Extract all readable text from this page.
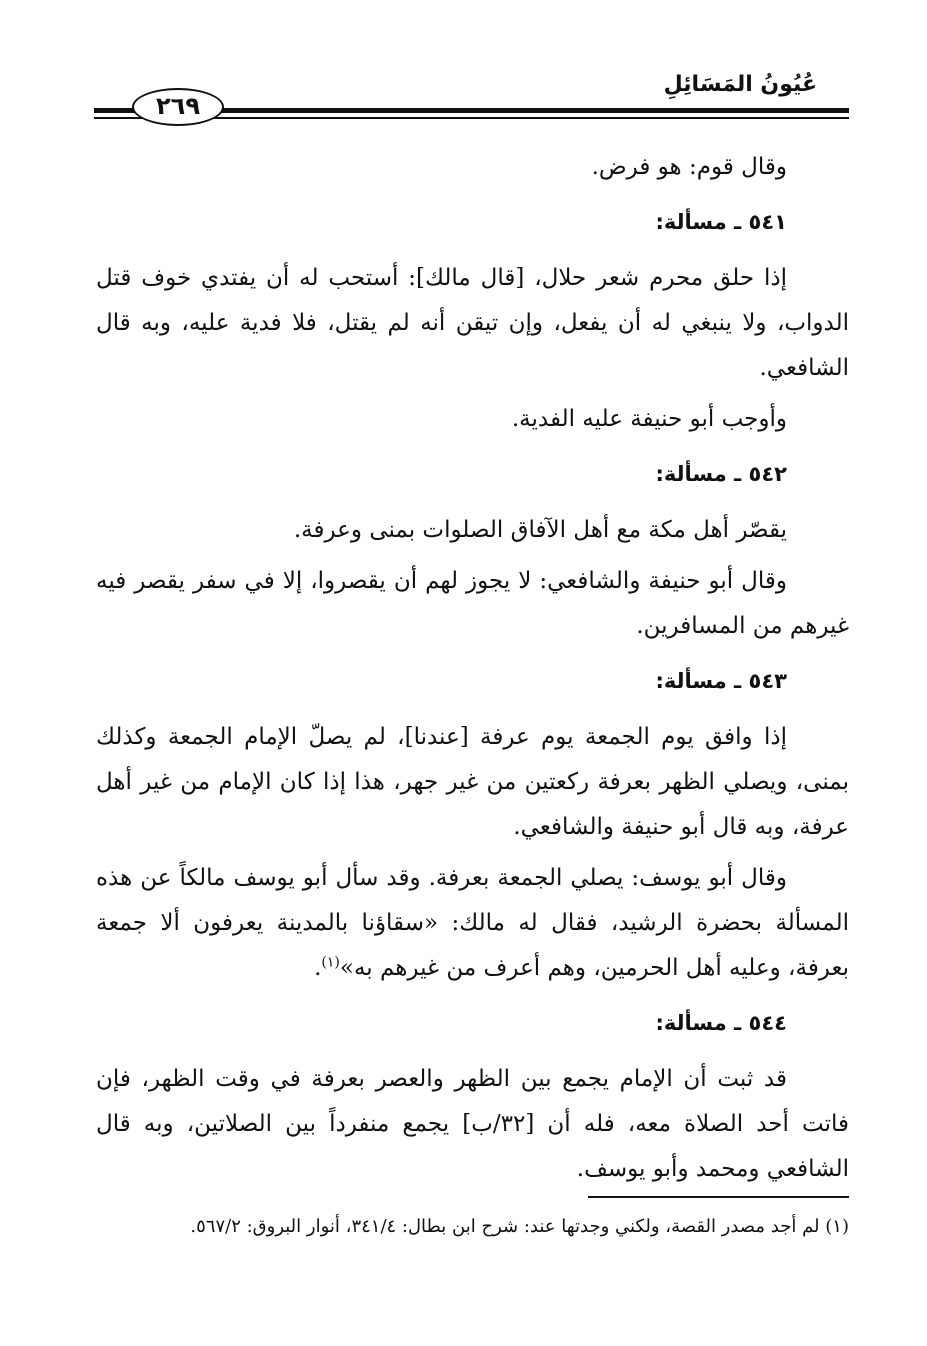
عُيُونُ المَسَائِلِ
٢٦٩

وقال قوم: هو فرض.

٥٤١ ـ مسألة:

إذا حلق محرم شعر حلال، [قال مالك]: أستحب له أن يفتدي خوف قتل الدواب، ولا ينبغي له أن يفعل، وإن تيقن أنه لم يقتل، فلا فدية عليه، وبه قال الشافعي.

وأوجب أبو حنيفة عليه الفدية.

٥٤٢ ـ مسألة:

يقصّر أهل مكة مع أهل الآفاق الصلوات بمنى وعرفة.

وقال أبو حنيفة والشافعي: لا يجوز لهم أن يقصروا، إلا في سفر يقصر فيه غيرهم من المسافرين.

٥٤٣ ـ مسألة:

إذا وافق يوم الجمعة يوم عرفة [عندنا]، لم يصلّ الإمام الجمعة وكذلك بمنى، ويصلي الظهر بعرفة ركعتين من غير جهر، هذا إذا كان الإمام من غير أهل عرفة، وبه قال أبو حنيفة والشافعي.

وقال أبو يوسف: يصلي الجمعة بعرفة. وقد سأل أبو يوسف مالكاً عن هذه المسألة بحضرة الرشيد، فقال له مالك: «سقاؤنا بالمدينة يعرفون ألا جمعة بعرفة، وعليه أهل الحرمين، وهم أعرف من غيرهم به»$^{(١)}$.

٥٤٤ ـ مسألة:

قد ثبت أن الإمام يجمع بين الظهر والعصر بعرفة في وقت الظهر، فإن فاتت أحد الصلاة معه، فله أن [٣٢/ب] يجمع منفرداً بين الصلاتين، وبه قال الشافعي ومحمد وأبو يوسف.

(١) لم أجد مصدر القصة، ولكني وجدتها عند: شرح ابن بطال: ٣٤١/٤، أنوار البروق: ٥٦٧/٢.
